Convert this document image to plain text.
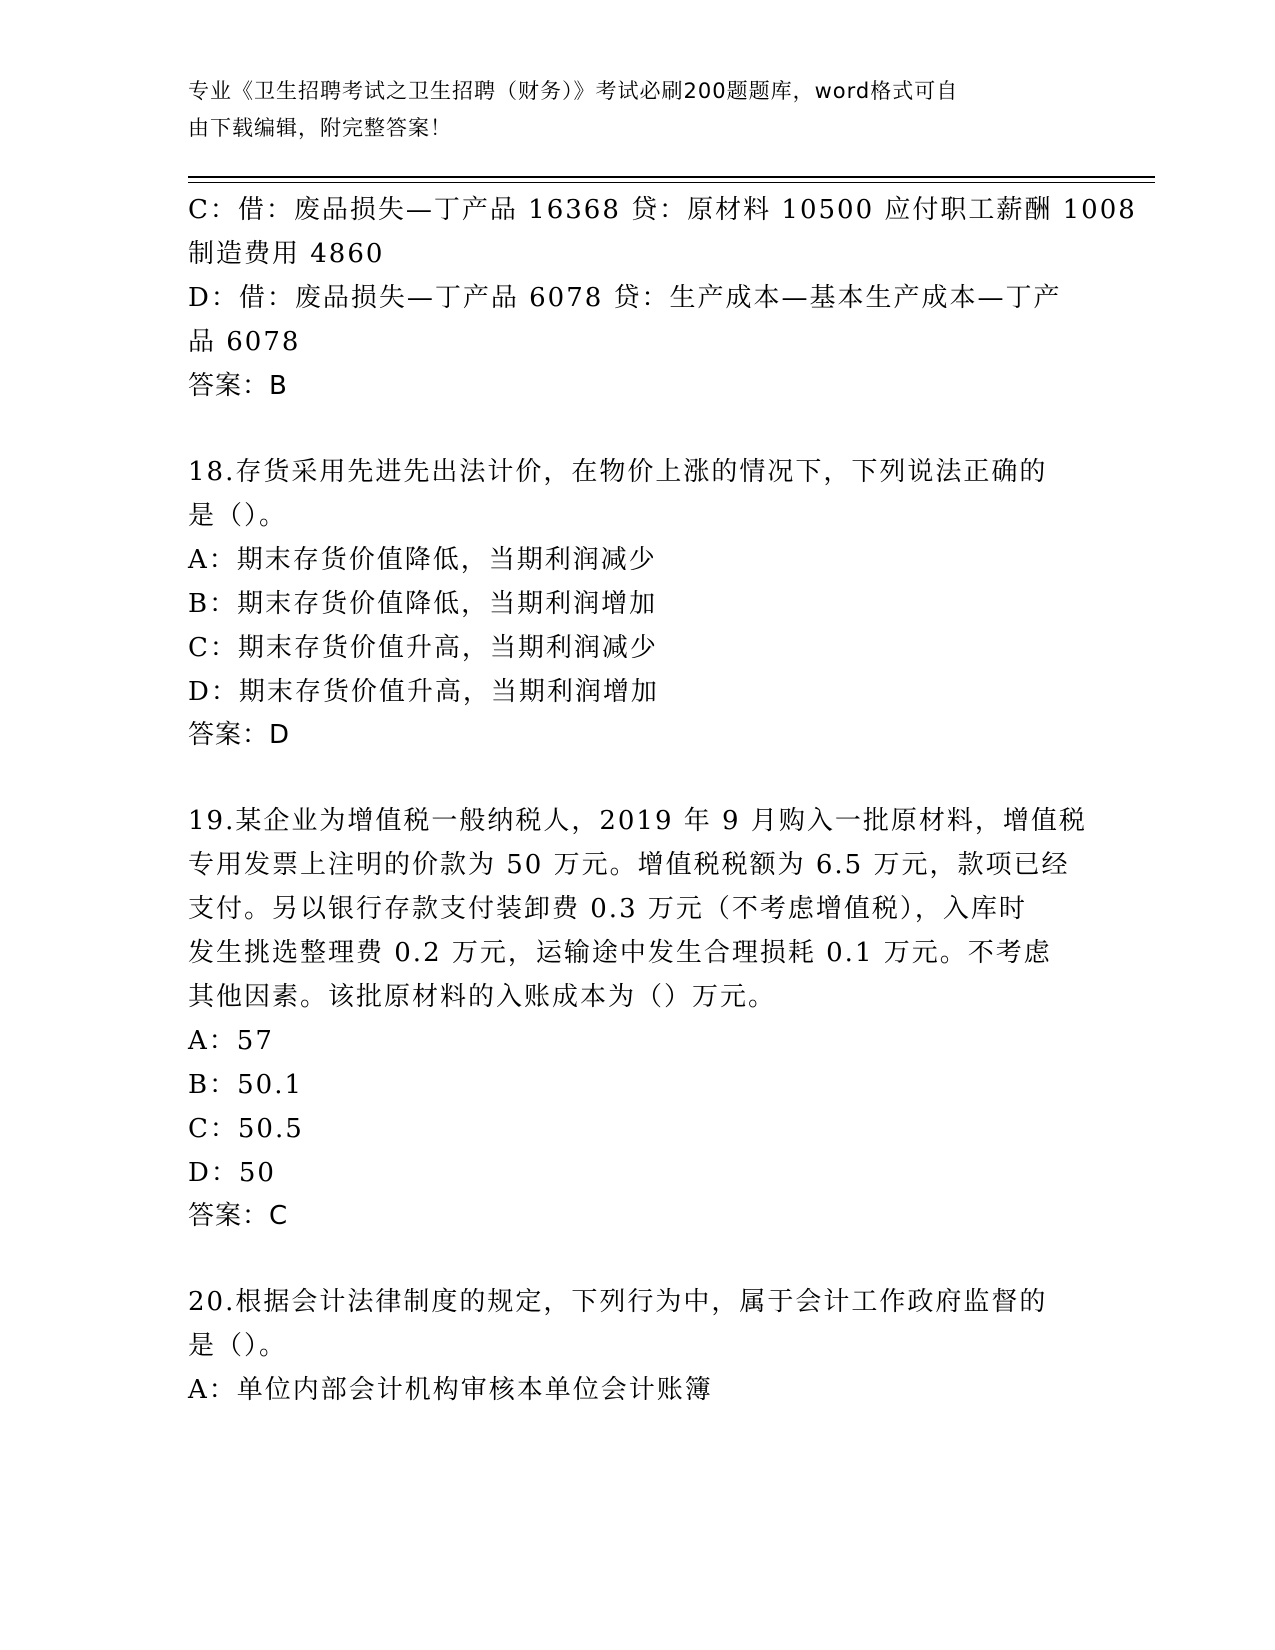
专业《卫生招聘考试之卫生招聘（财务）》考试必刷200题题库，word格式可自
由下载编辑，附完整答案！
C：借：废品损失—丁产品 16368 贷：原材料 10500 应付职工薪酬 1008
制造费用 4860
D：借：废品损失—丁产品 6078 贷：生产成本—基本生产成本—丁产
品 6078
答案：B
18.存货采用先进先出法计价，在物价上涨的情况下，下列说法正确的
是（）。
A：期末存货价值降低，当期利润减少
B：期末存货价值降低，当期利润增加
C：期末存货价值升高，当期利润减少
D：期末存货价值升高，当期利润增加
答案：D
19.某企业为增值税一般纳税人，2019 年 9 月购入一批原材料，增值税
专用发票上注明的价款为 50 万元。增值税税额为 6.5 万元，款项已经
支付。另以银行存款支付装卸费 0.3 万元（不考虑增值税），入库时
发生挑选整理费 0.2 万元，运输途中发生合理损耗 0.1 万元。不考虑
其他因素。该批原材料的入账成本为（）万元。
A：57
B：50.1
C：50.5
D：50
答案：C
20.根据会计法律制度的规定，下列行为中，属于会计工作政府监督的
是（）。
A：单位内部会计机构审核本单位会计账簿
